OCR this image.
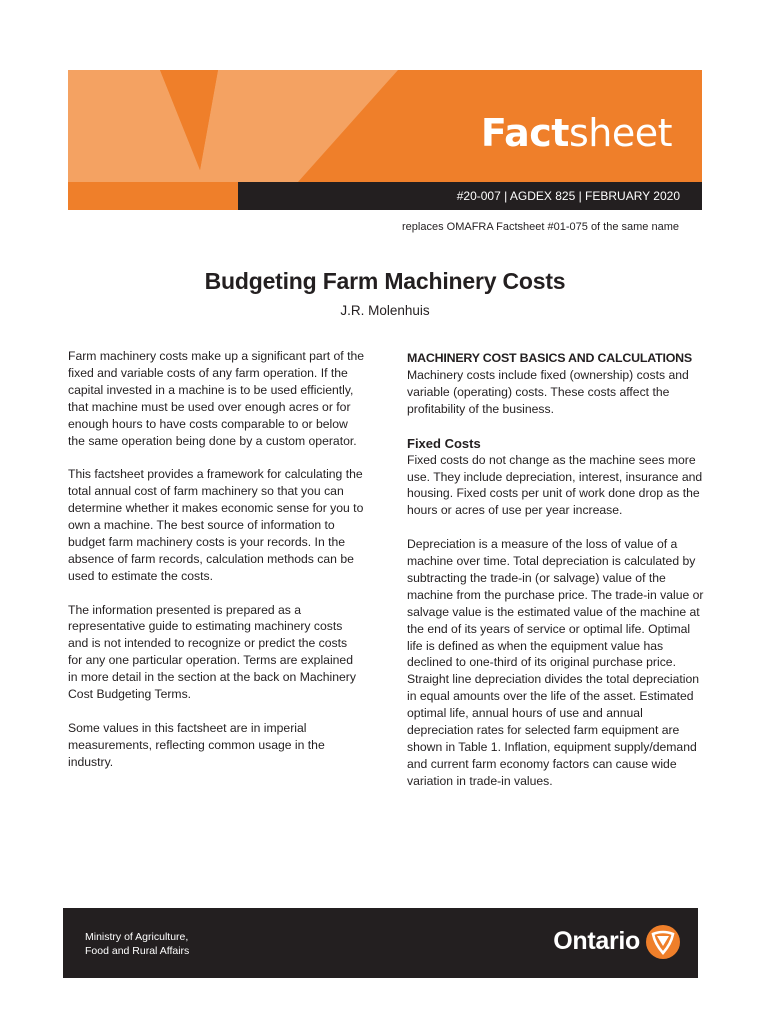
Factsheet
#20-007 | AGDEX 825 | FEBRUARY 2020
replaces OMAFRA Factsheet #01-075 of the same name
Budgeting Farm Machinery Costs
J.R. Molenhuis

Farm machinery costs make up a significant part of the fixed and variable costs of any farm operation. If the capital invested in a machine is to be used efficiently, that machine must be used over enough acres or for enough hours to have costs comparable to or below the same operation being done by a custom operator.

This factsheet provides a framework for calculating the total annual cost of farm machinery so that you can determine whether it makes economic sense for you to own a machine. The best source of information to budget farm machinery costs is your records. In the absence of farm records, calculation methods can be used to estimate the costs.

The information presented is prepared as a representative guide to estimating machinery costs and is not intended to recognize or predict the costs for any one particular operation. Terms are explained in more detail in the section at the back on Machinery Cost Budgeting Terms.

Some values in this factsheet are in imperial measurements, reflecting common usage in the industry.

MACHINERY COST BASICS AND CALCULATIONS

Machinery costs include fixed (ownership) costs and variable (operating) costs. These costs affect the profitability of the business.

Fixed Costs

Fixed costs do not change as the machine sees more use. They include depreciation, interest, insurance and housing. Fixed costs per unit of work done drop as the hours or acres of use per year increase.

Depreciation is a measure of the loss of value of a machine over time. Total depreciation is calculated by subtracting the trade-in (or salvage) value of the machine from the purchase price. The trade-in value or salvage value is the estimated value of the machine at the end of its years of service or optimal life. Optimal life is defined as when the equipment value has declined to one-third of its original purchase price. Straight line depreciation divides the total depreciation in equal amounts over the life of the asset. Estimated optimal life, annual hours of use and annual depreciation rates for selected farm equipment are shown in Table 1. Inflation, equipment supply/demand and current farm economy factors can cause wide variation in trade-in values.

Ministry of Agriculture,
Food and Rural Affairs	Ontario
